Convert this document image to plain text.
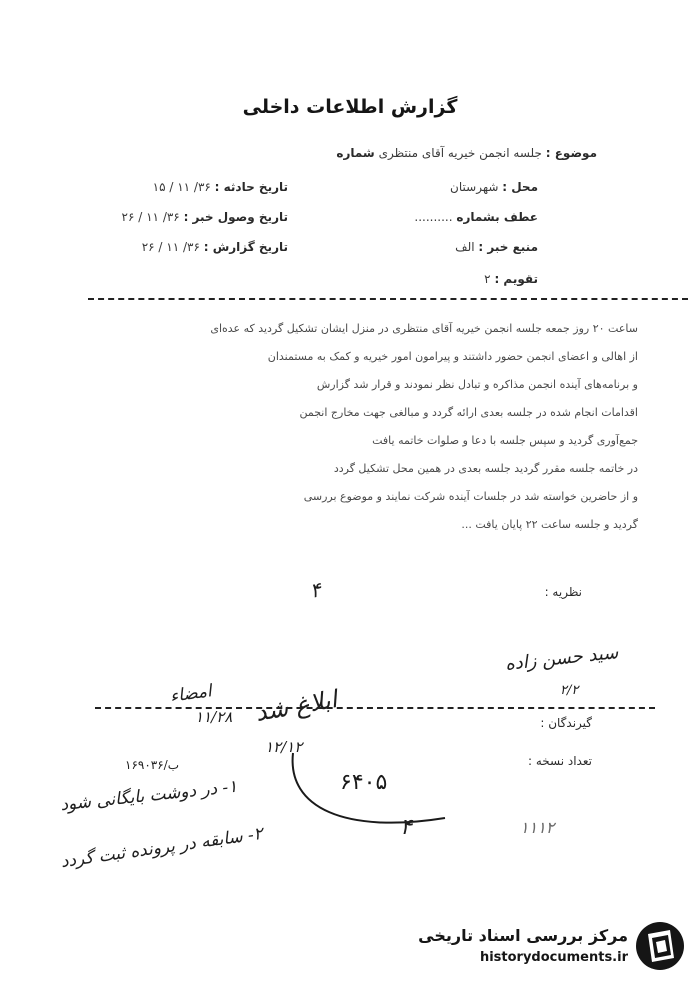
گزارش اطلاعات داخلی
موضوع : جلسه انجمن خیریه آقای منتظری شماره
محل : شهرستان
عطف بشماره ..........
منبع خبر : الف
تقویم : ۲
تاریخ حادثه : ۳۶/ ۱۱ / ۱۵
تاریخ وصول خبر : ۳۶/ ۱۱ / ۲۶
تاریخ گزارش : ۳۶/ ۱۱ / ۲۶
ساعت ۲۰ روز جمعه جلسه انجمن خیریه آقای منتظری در منزل ایشان تشکیل گردید که عده‌ای
از اهالی و اعضای انجمن حضور داشتند و پیرامون امور خیریه و کمک به مستمندان
و برنامه‌های آینده انجمن مذاکره و تبادل نظر نمودند و قرار شد گزارش
اقدامات انجام شده در جلسه بعدی ارائه گردد و مبالغی جهت مخارج انجمن
جمع‌آوری گردید و سپس جلسه با دعا و صلوات خاتمه یافت
در خاتمه جلسه مقرر گردید جلسه بعدی در همین محل تشکیل گردد
و از حاضرین خواسته شد در جلسات آینده شرکت نمایند و موضوع بررسی
گردید و جلسه ساعت ۲۲ پایان یافت ...
نظریه :
۴
سید حسن زاده
۲/۲
امضاء
۱۱/۲۸ ابلاغ شد
۱۲/۱۲
گیرندگان :
تعداد نسخه :
۶۴۰۵
۱۶۹۰۳۶/ب
۱- در دوشت بایگانی شود
۲- سابقه در پرونده ثبت گردد	۴	۱۱۱۲
مرکز بررسی اسناد تاریخی
historydocuments.ir
